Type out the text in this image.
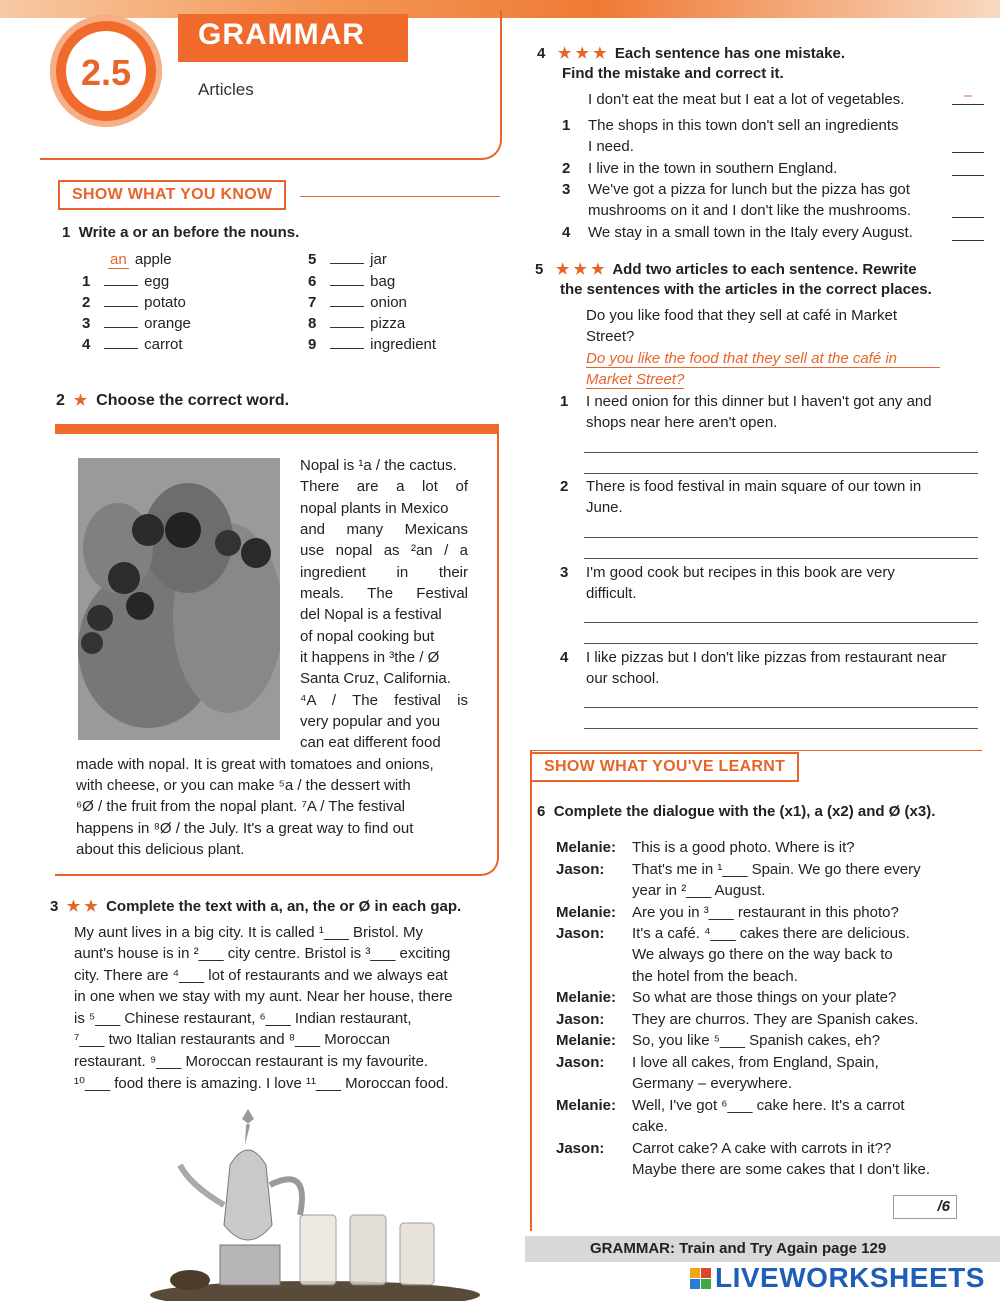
2.5
GRAMMAR
Articles
SHOW WHAT YOU KNOW
1 Write a or an before the nouns.
an apple
1	egg
2	potato
3	orange
4	carrot
5	jar
6	bag
7	onion
8	pizza
9	ingredient
2 ★ Choose the correct word.
Nopal is ¹a / the cactus.
There are a lot of
nopal plants in Mexico
and many Mexicans
use nopal as ²an / a
ingredient in their
meals. The Festival
del Nopal is a festival
of nopal cooking but
it happens in ³the / Ø
Santa Cruz, California.
⁴A / The festival is
very popular and you
can eat different food
made with nopal. It is great with tomatoes and onions,
with cheese, or you can make ⁵a / the dessert with
⁶Ø / the fruit from the nopal plant. ⁷A / The festival
happens in ⁸Ø / the July. It's a great way to find out
about this delicious plant.
3 ★ ★ Complete the text with a, an, the or Ø in each gap.
My aunt lives in a big city. It is called ¹___ Bristol. My
aunt's house is in ²___ city centre. Bristol is ³___ exciting
city. There are ⁴___ lot of restaurants and we always eat
in one when we stay with my aunt. Near her house, there
is ⁵___ Chinese restaurant, ⁶___ Indian restaurant,
⁷___ two Italian restaurants and ⁸___ Moroccan
restaurant. ⁹___ Moroccan restaurant is my favourite.
¹⁰___ food there is amazing. I love ¹¹___ Moroccan food.
4 ★ ★ ★ Each sentence has one mistake.
Find the mistake and correct it.
I don't eat the meat but I eat a lot of vegetables.	–
1 The shops in this town don't sell an ingredients
I need.
2 I live in the town in southern England.
3 We've got a pizza for lunch but the pizza has got
mushrooms on it and I don't like the mushrooms.
4 We stay in a small town in the Italy every August.
5 ★ ★ ★ Add two articles to each sentence. Rewrite
the sentences with the articles in the correct places.
Do you like food that they sell at café in Market
Street?
Do you like the food that they sell at the café in
Market Street?
1 I need onion for this dinner but I haven't got any and
shops near here aren't open.
2 There is food festival in main square of our town in
June.
3 I'm good cook but recipes in this book are very
difficult.
4 I like pizzas but I don't like pizzas from restaurant near
our school.
SHOW WHAT YOU'VE LEARNT
6 Complete the dialogue with the (x1), a (x2) and Ø (x3).
Melanie: This is a good photo. Where is it?
Jason: That's me in ¹___ Spain. We go there every
year in ²___ August.
Melanie: Are you in ³___ restaurant in this photo?
Jason: It's a café. ⁴___ cakes there are delicious.
We always go there on the way back to
the hotel from the beach.
Melanie: So what are those things on your plate?
Jason: They are churros. They are Spanish cakes.
Melanie: So, you like ⁵___ Spanish cakes, eh?
Jason: I love all cakes, from England, Spain,
Germany – everywhere.
Melanie: Well, I've got ⁶___ cake here. It's a carrot
cake.
Jason: Carrot cake? A cake with carrots in it??
Maybe there are some cakes that I don't like.
/6
GRAMMAR: Train and Try Again page 129
LIVEWORKSHEETS
